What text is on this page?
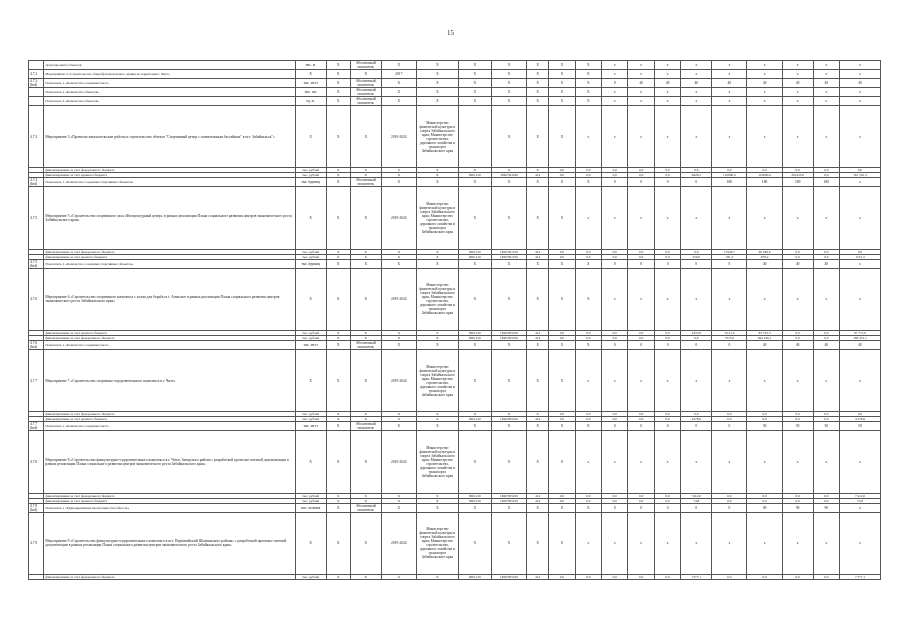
15
	Доля (процент) объектов	тыс. м.	Х	Абсолютный показатель	Х	Х	Х	Х	Х	Х	Х	х	х	х	х	х	х	х	х	х
4.7.2	Мероприятие 2 «Строительство общеобразовательного здания на территории г. Чита»	Х	Х	Х	2017	Х	Х	Х	Х	Х	Х	х	х	х	х	х	х	х	х	х
4.7.2 (Ind)	Показатель 1 «Количество созданных мест»	тыс. мест	Х	Абсолютный показатель	Х	Х	Х	Х	Х	Х	Х	0	40	40	40	40	40	40	40	40
	Показатель 2 «Количество объектов»	тыс. шт.	Х	Абсолютный показатель	Х	Х	Х	Х	Х	Х	Х	х	х	х	х	х	х	х	х	х
	Показатель 3 «Количество объектов»	ед. м.	Х	Абсолютный показатель	Х	Х	Х	Х	Х	Х	Х	х	х	х	х	х	х	х	х	х
4.7.3	Мероприятие 3 «Проектно-изыскательские работы и строительство объекта "Спортивный центр с плавательным бассейном" в пгт. Забайкальск"»	Х	Х	Х	2019-2024	Министерство физической культуры и спорта Забайкальского края; Министерство строительства, дорожного хозяйства и транспорта Забайкальского края		Х	Х	Х	х	х	х	х	х	х	х	х	х	х
	финансирование за счет федерального бюджета	тыс. рублей	Х	Х	Х	Х	Х	Х	Х	0,0	0,0	0,0	0,0	0,0	0,0	0,0	0,0	0,0	0,0	0,0
	финансирование за счет краевого бюджета	тыс. рублей	Х	Х	Х	Х	0901210	18407Ф1190	414	0,0	0,0	0,0	0,0	0,0	4926,3	110000,0	110000,0	201453,0	0,0	161 591,3
4.7.4 (Ind)	Показатель 1 «Количество созданных спортивных объектов»	тыс./единиц	Х	Абсолютный показатель	Х	Х	Х	Х	Х	Х	Х	0	0	0	0	180	180	180	180	х
4.7.5	Мероприятие 5 «Строительство спортивного зала «Физкультурный центр» в рамках реализации Плана социального развития центров экономического роста Забайкальского края»	Х	Х	Х	2019-2024	Министерство физической культуры и спорта Забайкальского края; Министерство строительства, дорожного хозяйства и транспорта Забайкальского края	Х	Х	Х	Х	х	х	х	х	х	х	х	х	х	х
	финансирование за счет федерального бюджета	тыс. рублей	Х	Х	Х	Х	0901210	18407Ф1010	414	0,0	0,0	0,0	0,0	0,0	0,0	17946,7	96 946,0	0,0	0,0	0,0
	финансирование за счет краевого бюджета	тыс. рублей	Х	Х	Х	Х	0901210	18407Ф1010	414	0,0	0,0	0,0	0,0	0,0	250,0	181,3	979,2	0,0	0,0	1741,3
4.7.5 (Ind)	Показатель 1 «Количество созданных спортивных объектов»	тыс./единиц	Х	Х	Х	Х	Х	Х	Х	Х	Х	0	0	0	0	0	40	40	40	х
4.7.6	Мероприятие 6 «Строительство спортивного комплекса с залом для борьбы в г. Агинское в рамках реализации Плана социального развития центров экономического роста Забайкальского края»	Х	Х	Х	2019-2024	Министерство физической культуры и спорта Забайкальского края; Министерство строительства, дорожного хозяйства и транспорта Забайкальского края	Х	Х	Х	Х	Х	х	х	х	х	х	х	х	х	х
	финансирование за счет краевого бюджета	тыс. рублей	Х	Х	Х	Х	0901210	18407Ф5010	414	0,0	0,0	0,0	0,0	0,0	4455,8	19 21,0	83 533,5	0,0	0,0	87 771,8
	финансирование за счет федерального бюджета	тыс. рублей	Х	Х	Х	Х	0901210	18407Ф5010	414	0,0	0,0	0,0	0,0	0,0	0,0	7515,0	844 436,1	0,0	0,0	180 451,1
4.7.6 (Ind)	Показатель 1 «Количество созданных мест»	тыс. мест	Х	Абсолютный показатель	Х	Х	Х	Х	Х	Х	Х	0	0	0	0	0	40	40	40	40
4.7.7	Мероприятие 7 «Строительство спортивно-оздоровительного комплекса в г. Чите»	Х	Х	Х	2019-2024	Министерство физической культуры и спорта Забайкальского края; Министерство строительства, дорожного хозяйства и транспорта Забайкальского края	Х	Х	Х	Х	х	х	х	х	х	х	х	х	х	х
	финансирование за счет федерального бюджета	тыс. рублей	Х	Х	Х	Х	Х	Х	Х	0,0	0,0	0,0	0,0	0,0	0,0	0,0	0,0	0,0	0,0	0,0
	финансирование за счет краевого бюджета	тыс. рублей	Х	Х	Х	Х	0901210	18407Ф5010	414	0,0	0,0	0,0	0,0	0,0	4278,6	0,0	0,0	0,0	0,0	4 278,6
4.7.7 (Ind)	Показатель 1 «Количество созданных мест»	тыс. мест	Х	Абсолютный показатель	Х	Х	Х	Х	Х	Х	Х	0	0	0	0	0	50	50	50	50
4.7.8	Мероприятие 8 «Строительство физкультурно-оздоровительного комплекса в г. Чита» Заводского района с разработкой проектно-сметной документации в рамках реализации Плана социального развития центров экономического роста Забайкальского края»	Х	Х	Х	2019-2024	Министерство физической культуры и спорта Забайкальского края; Министерство строительства, дорожного хозяйства и транспорта Забайкальского края	Х	Х	Х	Х	х	х	х	х	х	х	х	х	х	х
	финансирование за счет федерального бюджета	тыс. рублей	Х	Х	Х	Х	0901210	18407Ф5010	414	0,0	0,0	0,0	0,0	0,0	7412,0	0,0	0,0	0,0	0,0	7 412,0
	финансирование за счет краевого бюджета	тыс. рублей	Х	Х	Х	Х	0901210	18407Ф5010	414	0,0	0,0	0,0	0,0	0,0	74,8	0,0	0,0	0,0	0,0	74,8
4.7.8 (Ind)	Показатель 1 «Единовременная пропускная способность»	тыс. человек	Х	Абсолютный показатель	Х	Х	Х	Х	Х	Х	Х	0	0	0	0	0	90	90	90	х
4.7.9	Мероприятие 9 «Строительство физкультурно-оздоровительного комплекса в пгт. Первомайский Шилкинского района» с разработкой проектно-сметной документации в рамках реализации Плана социального развития центров экономического роста Забайкальского края»	Х	Х	Х	2019-2024	Министерство физической культуры и спорта Забайкальского края; Министерство строительства, дорожного хозяйства и транспорта Забайкальского края	Х	Х	Х	Х	х	х	х	х	х	х	х	х	х	х
	финансирование за счет федерального бюджета	тыс. рублей	Х	Х	Х	Х	0901210	18407Ф5010	414	0,0	0,0	0,0	0,0	0,0	7377,1	0,0	0,0	0,0	0,0	7 377,1
